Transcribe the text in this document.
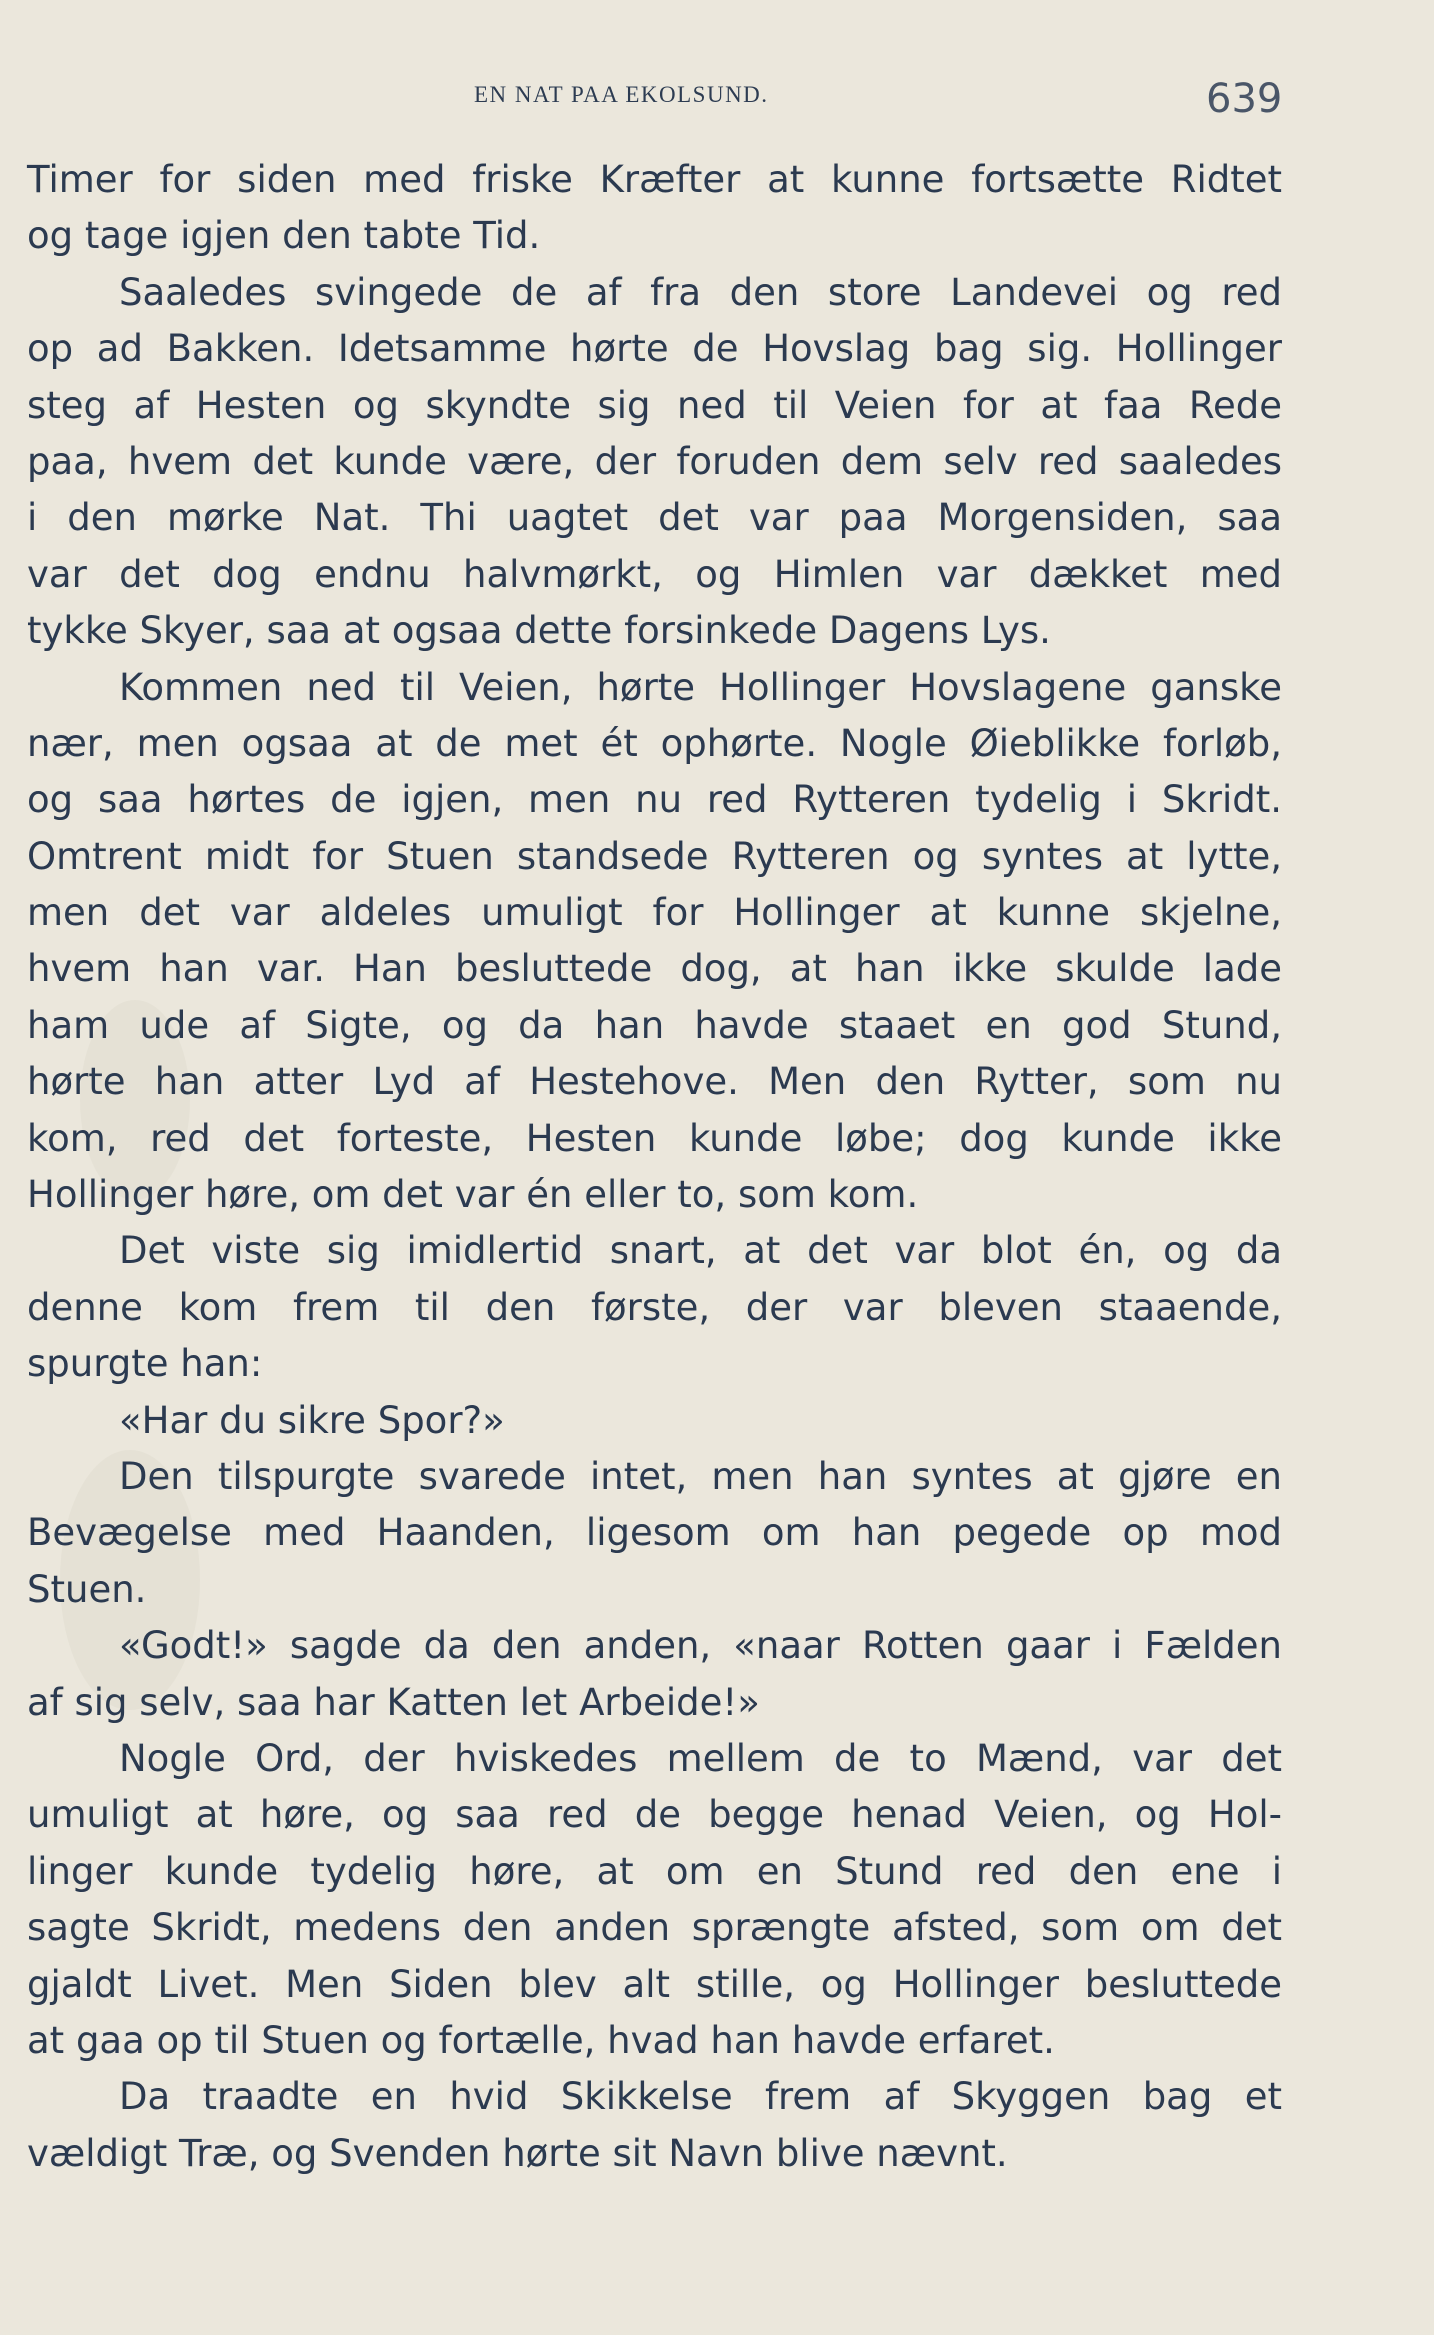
EN NAT PAA EKOLSUND.	639
Timer for siden med friske Kræfter at kunne fortsætte Ridtet
og tage igjen den tabte Tid.
Saaledes svingede de af fra den store Landevei og red
op ad Bakken. Idetsamme hørte de Hovslag bag sig. Hollinger
steg af Hesten og skyndte sig ned til Veien for at faa Rede
paa, hvem det kunde være, der foruden dem selv red saaledes
i den mørke Nat. Thi uagtet det var paa Morgensiden, saa
var det dog endnu halvmørkt, og Himlen var dækket med
tykke Skyer, saa at ogsaa dette forsinkede Dagens Lys.
Kommen ned til Veien, hørte Hollinger Hovslagene ganske
nær, men ogsaa at de met ét ophørte. Nogle Øieblikke forløb,
og saa hørtes de igjen, men nu red Rytteren tydelig i Skridt.
Omtrent midt for Stuen standsede Rytteren og syntes at lytte,
men det var aldeles umuligt for Hollinger at kunne skjelne,
hvem han var. Han besluttede dog, at han ikke skulde lade
ham ude af Sigte, og da han havde staaet en god Stund,
hørte han atter Lyd af Hestehove. Men den Rytter, som nu
kom, red det forteste, Hesten kunde løbe; dog kunde ikke
Hollinger høre, om det var én eller to, som kom.
Det viste sig imidlertid snart, at det var blot én, og da
denne kom frem til den første, der var bleven staaende,
spurgte han:
«Har du sikre Spor?»
Den tilspurgte svarede intet, men han syntes at gjøre en
Bevægelse med Haanden, ligesom om han pegede op mod
Stuen.
«Godt!» sagde da den anden, «naar Rotten gaar i Fælden
af sig selv, saa har Katten let Arbeide!»
Nogle Ord, der hviskedes mellem de to Mænd, var det
umuligt at høre, og saa red de begge henad Veien, og Hol-
linger kunde tydelig høre, at om en Stund red den ene i
sagte Skridt, medens den anden sprængte afsted, som om det
gjaldt Livet. Men Siden blev alt stille, og Hollinger besluttede
at gaa op til Stuen og fortælle, hvad han havde erfaret.
Da traadte en hvid Skikkelse frem af Skyggen bag et
vældigt Træ, og Svenden hørte sit Navn blive nævnt.
